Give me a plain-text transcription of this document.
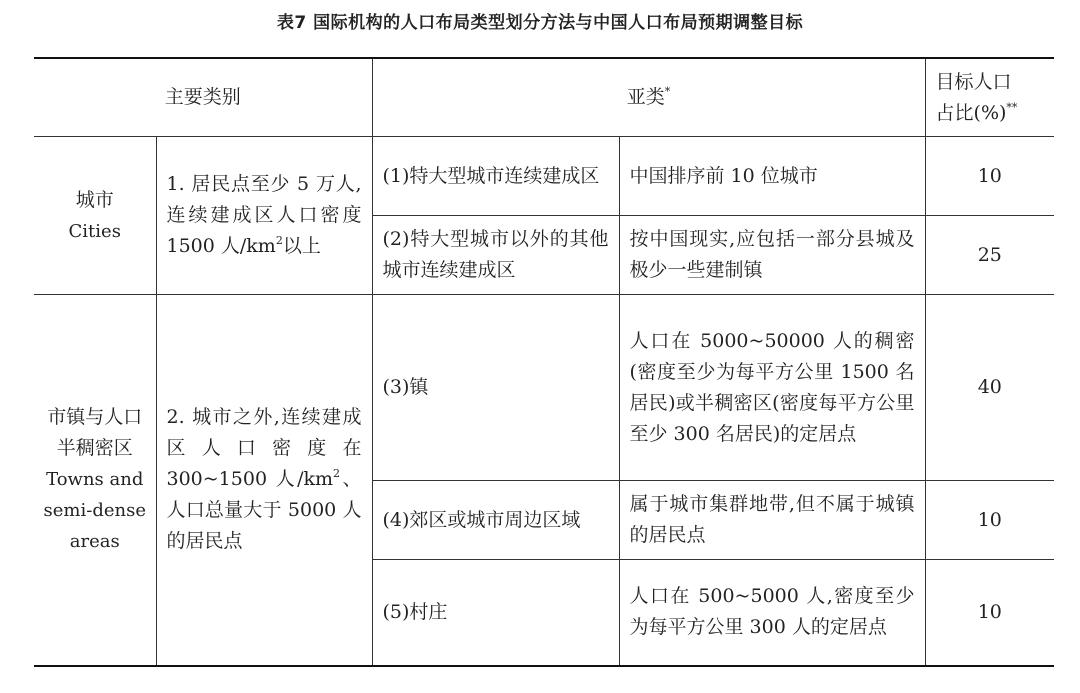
表7 国际机构的人口布局类型划分方法与中国人口布局预期调整目标
主要类别		亚类*		目标人口
占比(%)**

城市
Cities	1. 居民点至少 5 万人,连续建成区人口密度 1500 人$/km^2$以上	(1)特大型城市连续建成区	中国排序前 10 位城市	10
		(2)特大型城市以外的其他城市连续建成区	按中国现实,应包括一部分县城及极少一些建制镇	25

市镇与人口半稠密区
Towns and semi-dense areas	2. 城市之外,连续建成区人口密度在 300~1500 人$/km^2$、人口总量大于 5000 人的居民点	(3)镇	人口在 5000~50000 人的稠密(密度至少为每平方公里 1500 名居民)或半稠密区(密度每平方公里至少 300 名居民)的定居点	40
		(4)郊区或城市周边区域	属于城市集群地带,但不属于城镇的居民点	10
		(5)村庄	人口在 500~5000 人,密度至少为每平方公里 300 人的定居点	10
